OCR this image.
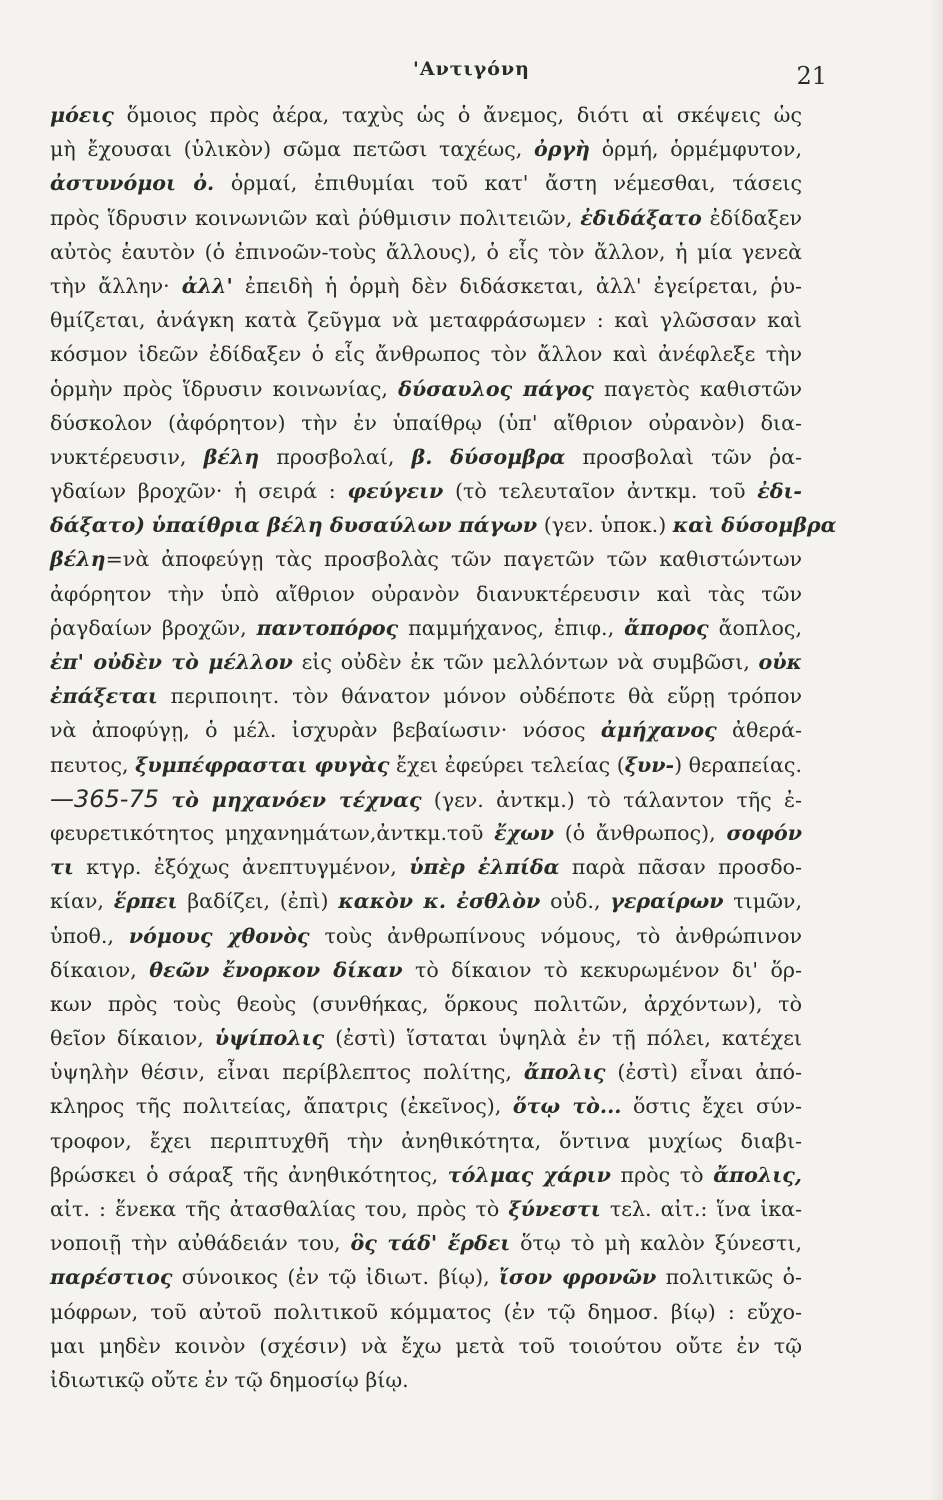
'Αντιγόνη	21
μόεις ὅμοιος πρὸς ἀέρα, ταχὺς ὡς ὁ ἄνεμος, διότι αἱ σκέψεις ὡς
μὴ ἔχουσαι (ὑλικὸν) σῶμα πετῶσι ταχέως, ὀργὴ ὁρμή, ὁρμέμφυτον,
ἀστυνόμοι ὀ. ὁρμαί, ἐπιθυμίαι τοῦ κατ' ἄστη νέμεσθαι, τάσεις
πρὸς ἵδρυσιν κοινωνιῶν καὶ ῥύθμισιν πολιτειῶν, ἐδιδάξατο ἐδίδαξεν
αὐτὸς ἑαυτὸν (ὁ ἐπινοῶν-τοὺς ἄλλους), ὁ εἷς τὸν ἄλλον, ἡ μία γενεὰ
τὴν ἄλλην· ἀλλ' ἐπειδὴ ἡ ὁρμὴ δὲν διδάσκεται, ἀλλ' ἐγείρεται, ῥυ-
θμίζεται, ἀνάγκη κατὰ ζεῦγμα νὰ μεταφράσωμεν : καὶ γλῶσσαν καὶ
κόσμον ἰδεῶν ἐδίδαξεν ὁ εἷς ἄνθρωπος τὸν ἄλλον καὶ ἀνέφλεξε τὴν
ὁρμὴν πρὸς ἵδρυσιν κοινωνίας, δύσαυλος πάγος παγετὸς καθιστῶν
δύσκολον (ἀφόρητον) τὴν ἐν ὑπαίθρῳ (ὑπ' αἴθριον οὐρανὸν) δια-
νυκτέρευσιν, βέλη προσβολαί, β. δύσομβρα προσβολαὶ τῶν ῥα-
γδαίων βροχῶν· ἡ σειρά : φεύγειν (τὸ τελευταῖον ἀντκμ. τοῦ ἐδι-
δάξατο) ὑπαίθρια βέλη δυσαύλων πάγων (γεν. ὑποκ.) καὶ δύσομβρα
βέλη=νὰ ἀποφεύγῃ τὰς προσβολὰς τῶν παγετῶν τῶν καθιστώντων
ἀφόρητον τὴν ὑπὸ αἴθριον οὐρανὸν διανυκτέρευσιν καὶ τὰς τῶν
ῥαγδαίων βροχῶν, παντοπόρος παμμήχανος, ἐπιφ., ἄπορος ἄοπλος,
ἐπ' οὐδὲν τὸ μέλλον εἰς οὐδὲν ἐκ τῶν μελλόντων νὰ συμβῶσι, οὐκ
ἐπάξεται περιποιητ. τὸν θάνατον μόνον οὐδέποτε θὰ εὕρῃ τρόπον
νὰ ἀποφύγῃ, ὁ μέλ. ἰσχυρὰν βεβαίωσιν· νόσος ἀμήχανος ἀθερά-
πευτος, ξυμπέφρασται φυγὰς ἔχει ἐφεύρει τελείας (ξυν-) θεραπείας.
—365-75 τὸ μηχανόεν τέχνας (γεν. ἀντκμ.) τὸ τάλαντον τῆς ἐ-
φευρετικότητος μηχανημάτων,ἀντκμ.τοῦ ἔχων (ὁ ἄνθρωπος), σοφόν
τι κτγρ. ἐξόχως ἀνεπτυγμένον, ὑπὲρ ἐλπίδα παρὰ πᾶσαν προσδο-
κίαν, ἕρπει βαδίζει, (ἐπὶ) κακὸν κ. ἐσθλὸν οὐδ., γεραίρων τιμῶν,
ὑποθ., νόμους χθονὸς τοὺς ἀνθρωπίνους νόμους, τὸ ἀνθρώπινον
δίκαιον, θεῶν ἔνορκον δίκαν τὸ δίκαιον τὸ κεκυρωμένον δι' ὅρ-
κων πρὸς τοὺς θεοὺς (συνθήκας, ὅρκους πολιτῶν, ἀρχόντων), τὸ
θεῖον δίκαιον, ὑψίπολις (ἐστὶ) ἵσταται ὑψηλὰ ἐν τῇ πόλει, κατέχει
ὑψηλὴν θέσιν, εἶναι περίβλεπτος πολίτης, ἄπολις (ἐστὶ) εἶναι ἀπό-
κληρος τῆς πολιτείας, ἄπατρις (ἐκεῖνος), ὅτῳ τὸ... ὅστις ἔχει σύν-
τροφον, ἔχει περιπτυχθῆ τὴν ἀνηθικότητα, ὅντινα μυχίως διαβι-
βρώσκει ὁ σάραξ τῆς ἀνηθικότητος, τόλμας χάριν πρὸς τὸ ἄπολις,
αἰτ. : ἕνεκα τῆς ἀτασθαλίας του, πρὸς τὸ ξύνεστι τελ. αἰτ.: ἵνα ἱκα-
νοποιῇ τὴν αὐθάδειάν του, ὃς τάδ' ἔρδει ὅτῳ τὸ μὴ καλὸν ξύνεστι,
παρέστιος σύνοικος (ἐν τῷ ἰδιωτ. βίῳ), ἴσον φρονῶν πολιτικῶς ὁ-
μόφρων, τοῦ αὐτοῦ πολιτικοῦ κόμματος (ἐν τῷ δημοσ. βίῳ) : εὔχο-
μαι μηδὲν κοινὸν (σχέσιν) νὰ ἔχω μετὰ τοῦ τοιούτου οὔτε ἐν τῷ
ἰδιωτικῷ οὔτε ἐν τῷ δημοσίῳ βίῳ.
